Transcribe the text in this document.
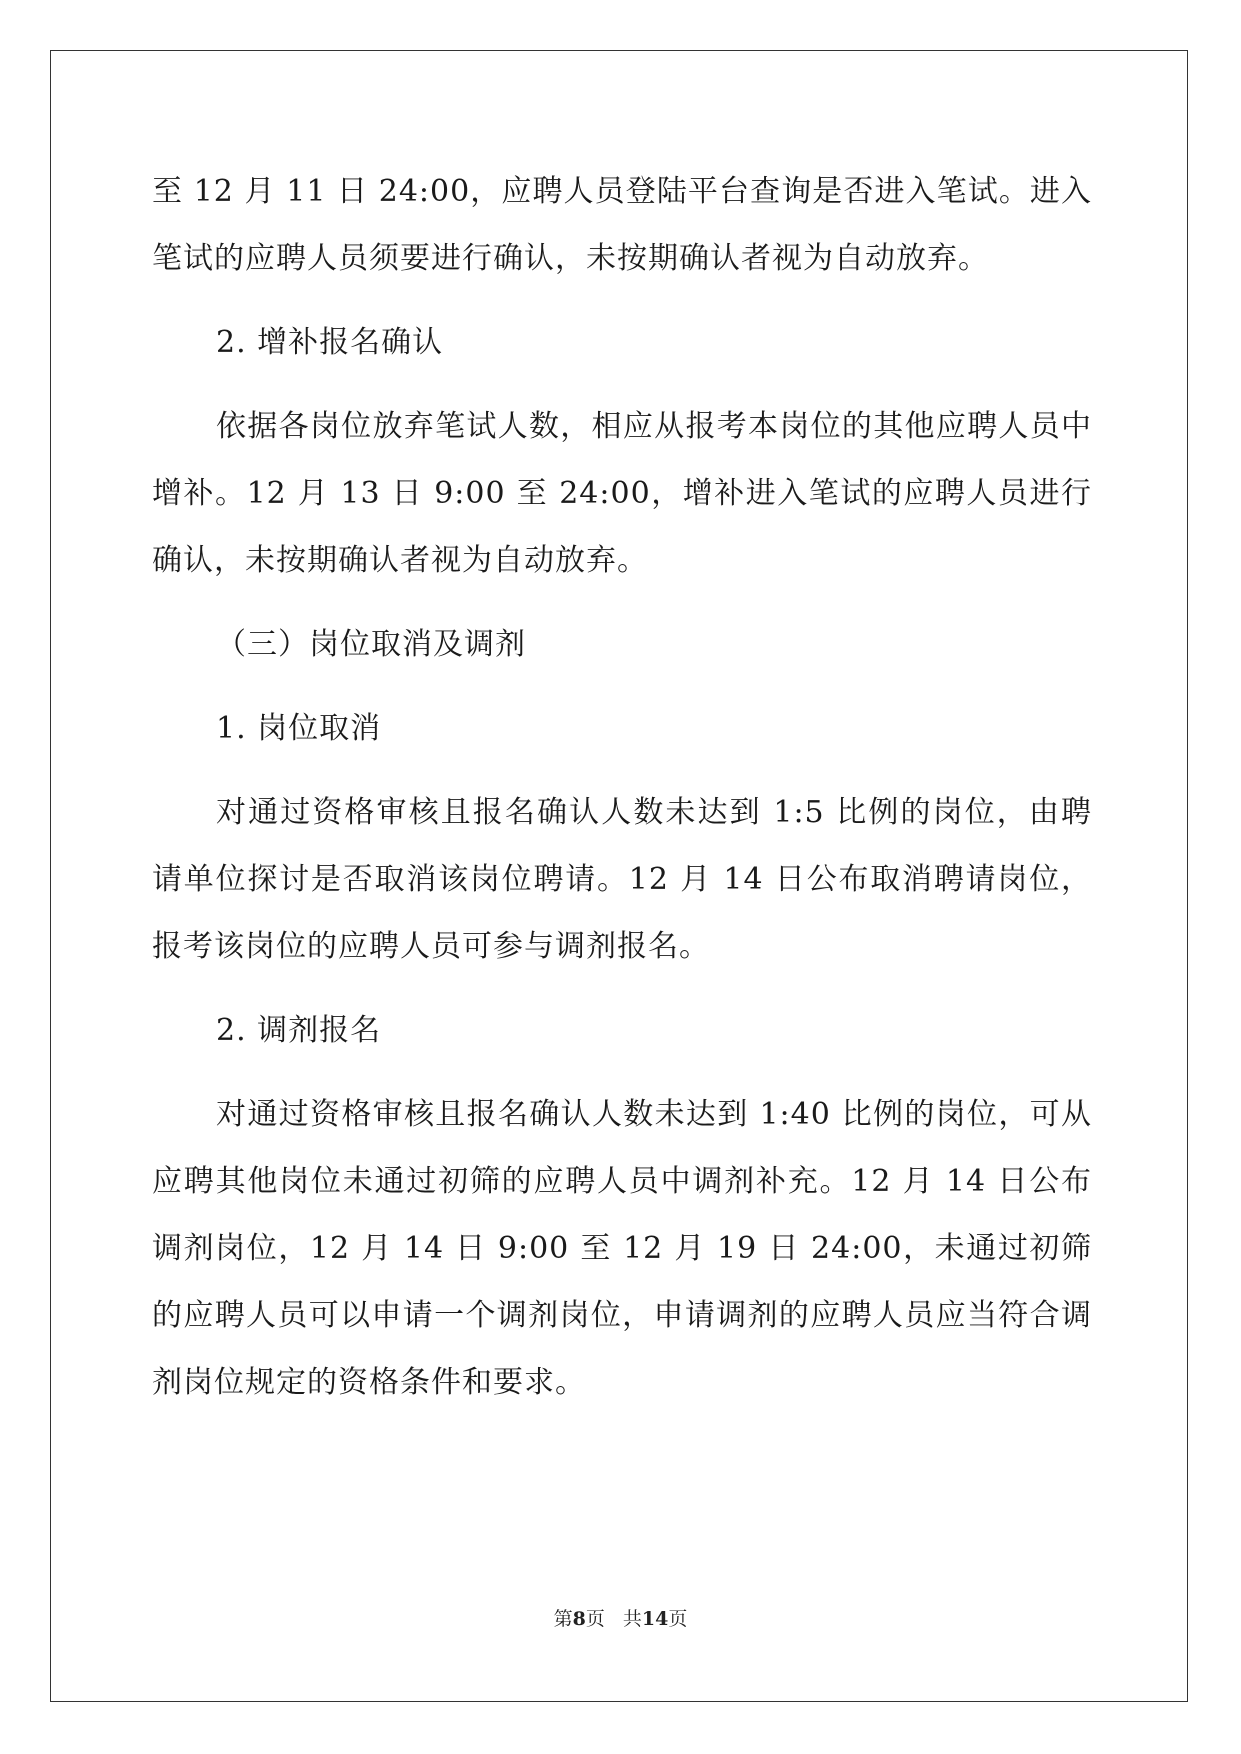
至 12 月 11 日 24:00，应聘人员登陆平台查询是否进入笔试。进入笔试的应聘人员须要进行确认，未按期确认者视为自动放弃。

2. 增补报名确认

依据各岗位放弃笔试人数，相应从报考本岗位的其他应聘人员中增补。12 月 13 日 9:00 至 24:00，增补进入笔试的应聘人员进行确认，未按期确认者视为自动放弃。

（三）岗位取消及调剂

1. 岗位取消

对通过资格审核且报名确认人数未达到 1:5 比例的岗位，由聘请单位探讨是否取消该岗位聘请。12 月 14 日公布取消聘请岗位，报考该岗位的应聘人员可参与调剂报名。

2. 调剂报名

对通过资格审核且报名确认人数未达到 1:40 比例的岗位，可从应聘其他岗位未通过初筛的应聘人员中调剂补充。12 月 14 日公布调剂岗位，12 月 14 日 9:00 至 12 月 19 日 24:00，未通过初筛的应聘人员可以申请一个调剂岗位，申请调剂的应聘人员应当符合调剂岗位规定的资格条件和要求。

第8页 共14页
